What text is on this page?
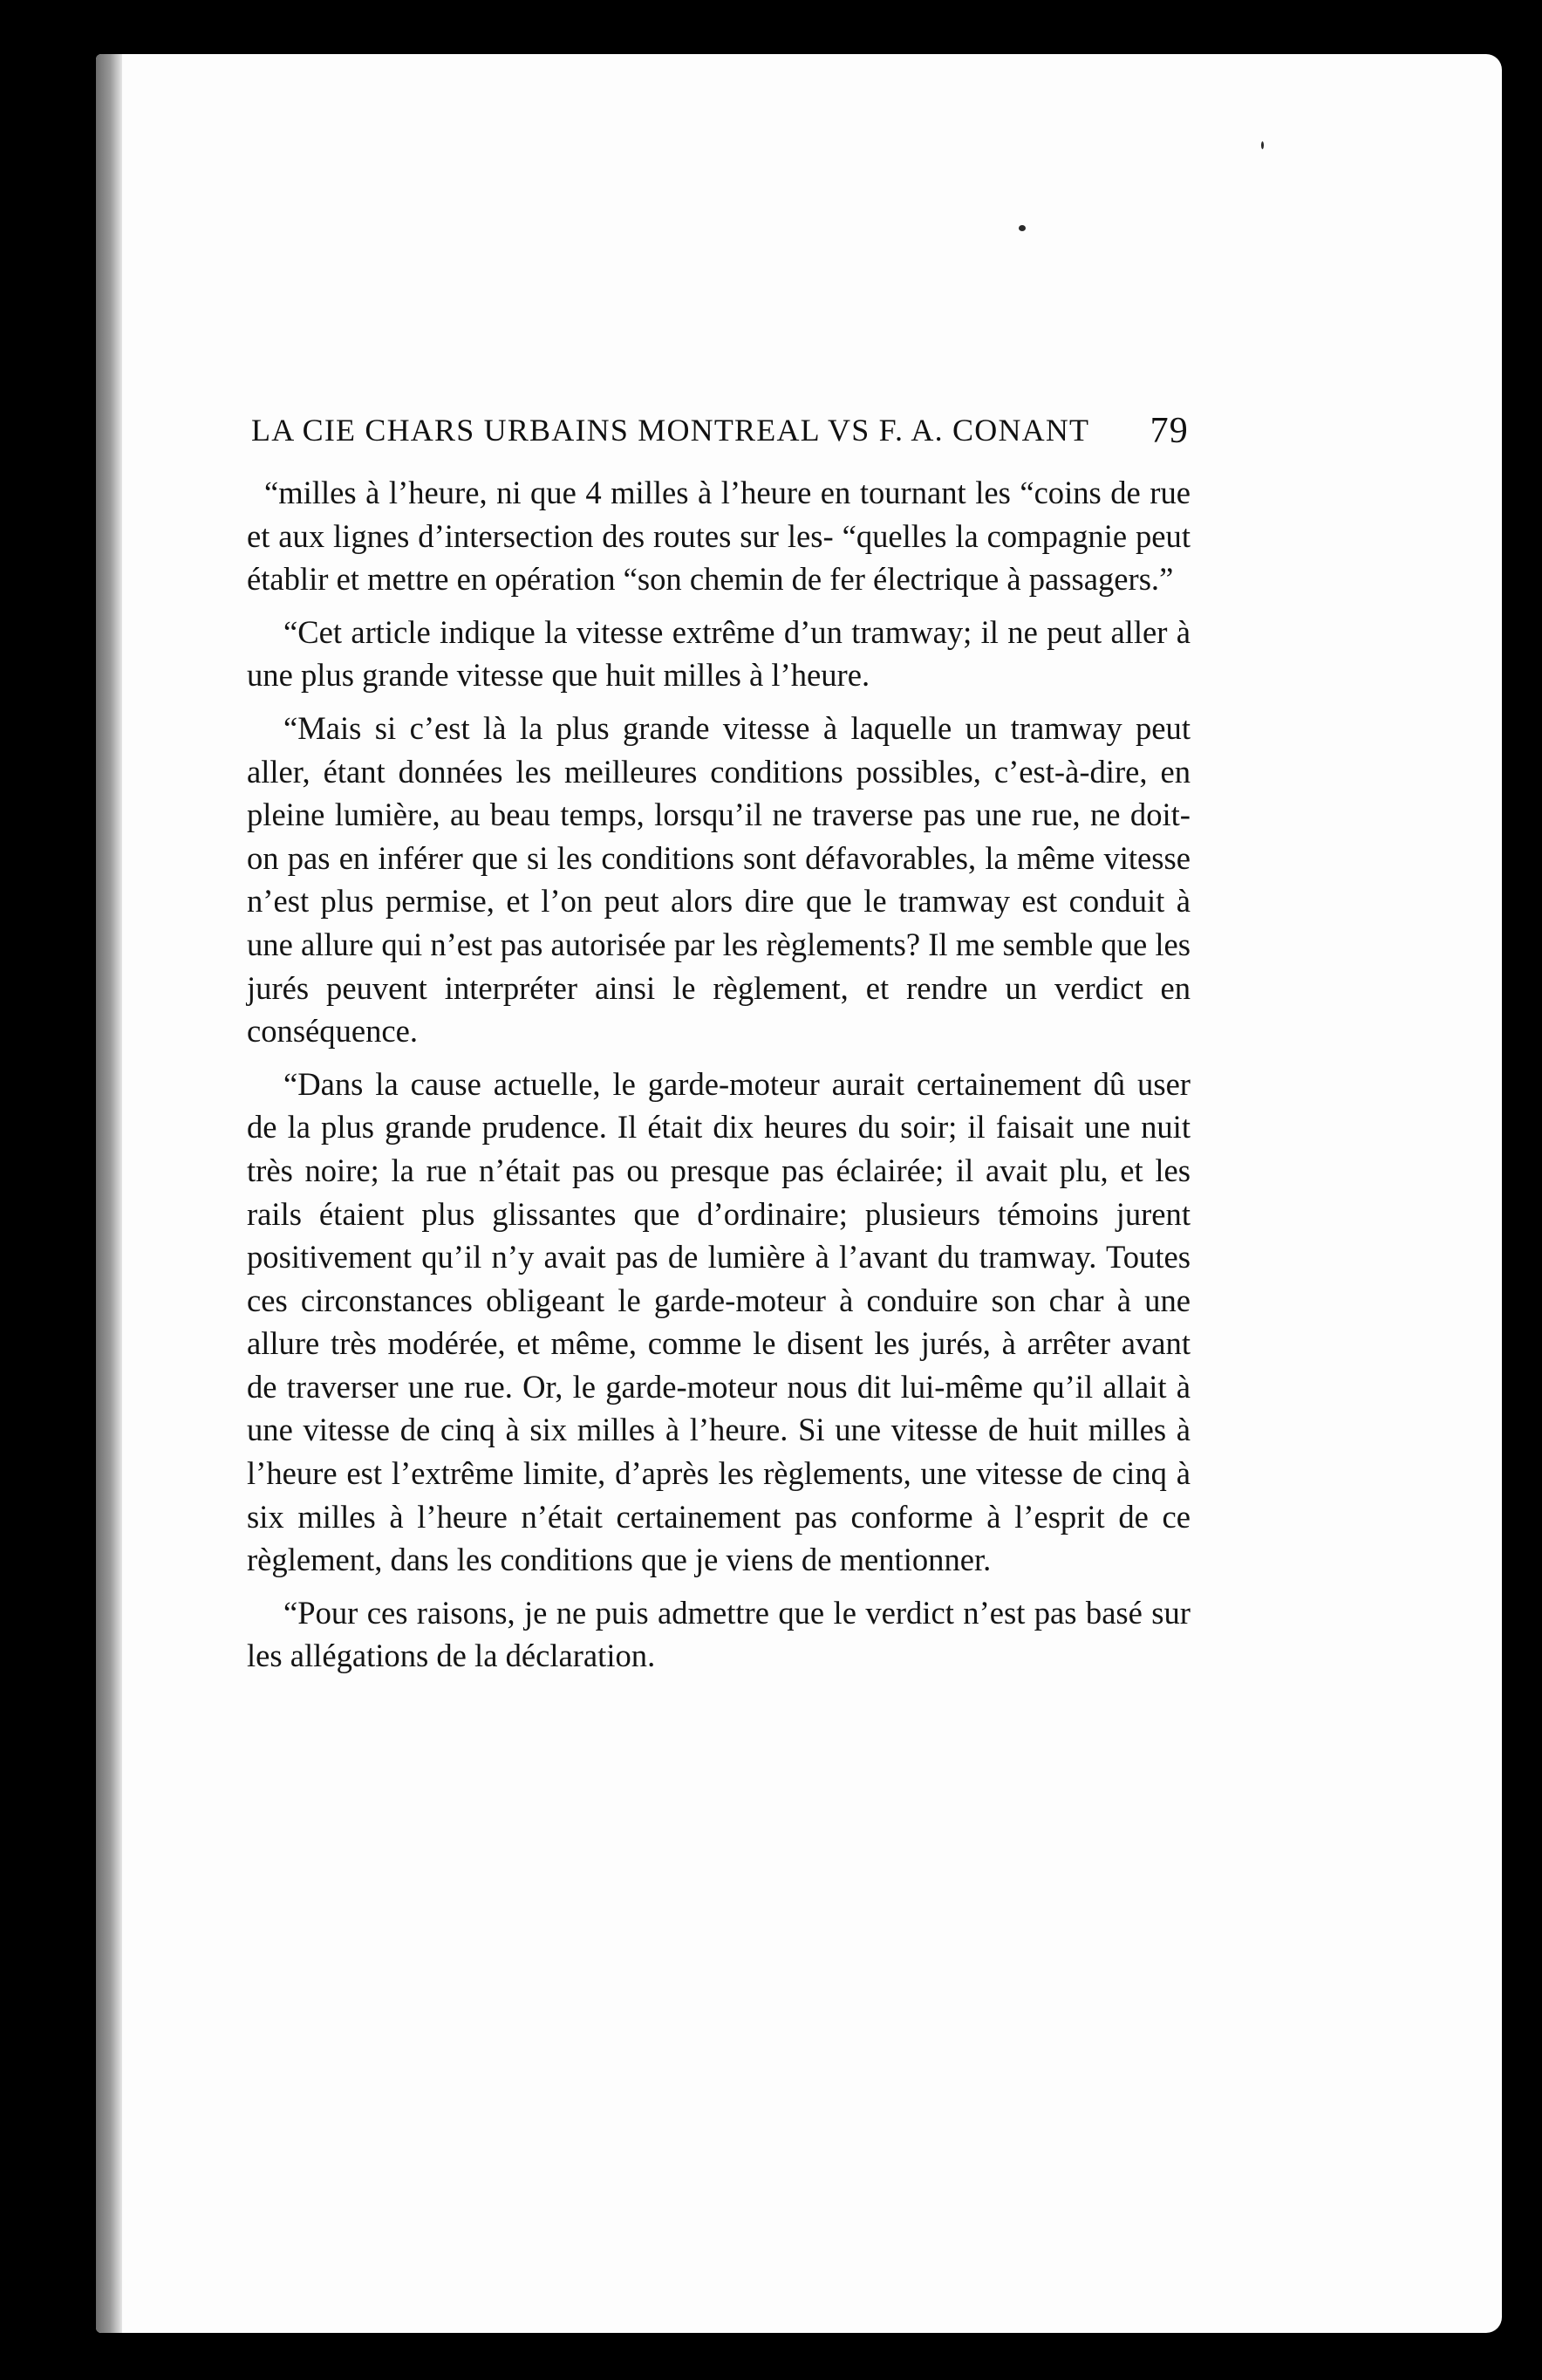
LA CIE CHARS URBAINS MONTREAL VS F. A. CONANT 79

“milles à l’heure, ni que 4 milles à l’heure en tournant les “coins de rue et aux lignes d’intersection des routes sur les- “quelles la compagnie peut établir et mettre en opération “son chemin de fer électrique à passagers.”

“Cet article indique la vitesse extrême d’un tramway; il ne peut aller à une plus grande vitesse que huit milles à l’heure.

“Mais si c’est là la plus grande vitesse à laquelle un tramway peut aller, étant données les meilleures conditions possibles, c’est-à-dire, en pleine lumière, au beau temps, lorsqu’il ne traverse pas une rue, ne doit-on pas en inférer que si les conditions sont défavorables, la même vitesse n’est plus permise, et l’on peut alors dire que le tramway est conduit à une allure qui n’est pas autorisée par les règlements? Il me semble que les jurés peuvent interpréter ainsi le règlement, et rendre un verdict en conséquence.

“Dans la cause actuelle, le garde-moteur aurait certainement dû user de la plus grande prudence. Il était dix heures du soir; il faisait une nuit très noire; la rue n’était pas ou presque pas éclairée; il avait plu, et les rails étaient plus glissantes que d’ordinaire; plusieurs témoins jurent positivement qu’il n’y avait pas de lumière à l’avant du tramway. Toutes ces circonstances obligeant le garde-moteur à conduire son char à une allure très modérée, et même, comme le disent les jurés, à arrêter avant de traverser une rue. Or, le garde-moteur nous dit lui-même qu’il allait à une vitesse de cinq à six milles à l’heure. Si une vitesse de huit milles à l’heure est l’extrême limite, d’après les règlements, une vitesse de cinq à six milles à l’heure n’était certainement pas conforme à l’esprit de ce règlement, dans les conditions que je viens de mentionner.

“Pour ces raisons, je ne puis admettre que le verdict n’est pas basé sur les allégations de la déclaration.
